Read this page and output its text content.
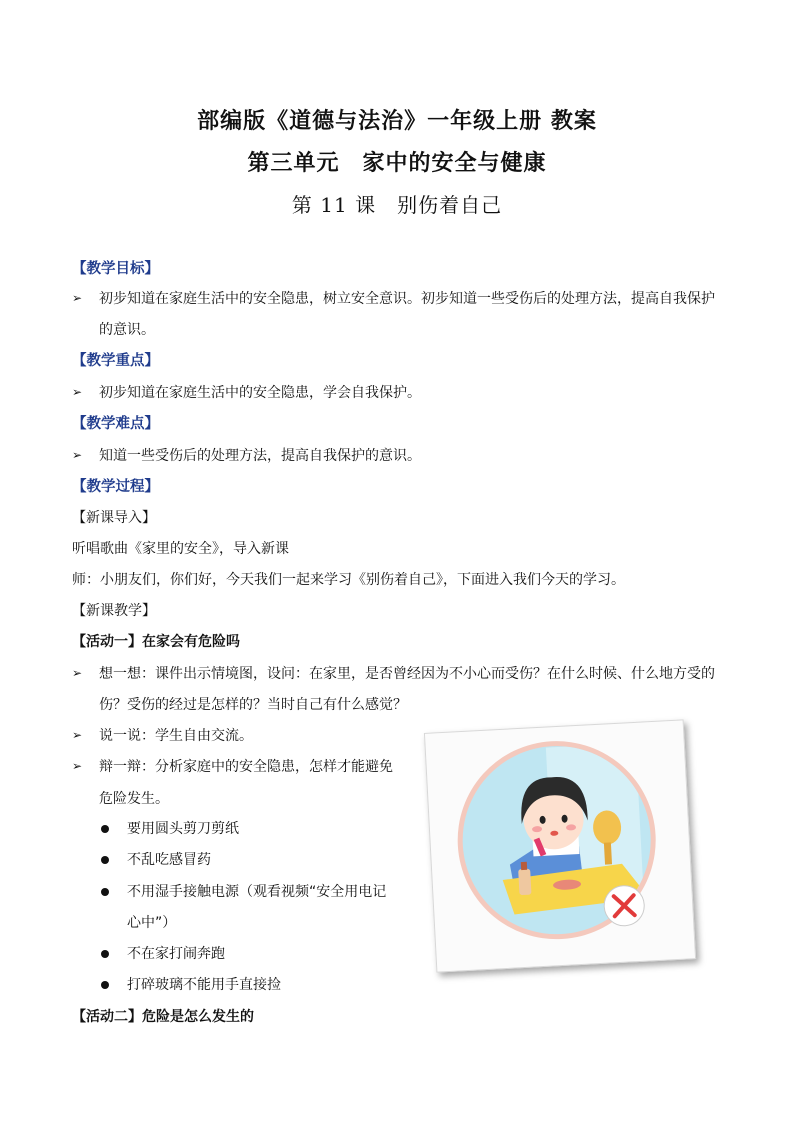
部编版《道德与法治》一年级上册 教案
第三单元　家中的安全与健康
第 11 课　别伤着自己
【教学目标】
➢ 初步知道在家庭生活中的安全隐患，树立安全意识。初步知道一些受伤后的处理方法，提高自我保护
的意识。
【教学重点】
➢ 初步知道在家庭生活中的安全隐患，学会自我保护。
【教学难点】
➢ 知道一些受伤后的处理方法，提高自我保护的意识。
【教学过程】
【新课导入】
听唱歌曲《家里的安全》，导入新课
师：小朋友们，你们好，今天我们一起来学习《别伤着自己》，下面进入我们今天的学习。
【新课教学】
【活动一】在家会有危险吗
➢ 想一想：课件出示情境图，设问：在家里，是否曾经因为不小心而受伤？在什么时候、什么地方受的
伤？受伤的经过是怎样的？当时自己有什么感觉？
➢ 说一说：学生自由交流。
➢ 辩一辩：分析家庭中的安全隐患，怎样才能避免
危险发生。
要用圆头剪刀剪纸
不乱吃感冒药
不用湿手接触电源（观看视频“安全用电记
心中”）
不在家打闹奔跑
打碎玻璃不能用手直接捡
【活动二】危险是怎么发生的
